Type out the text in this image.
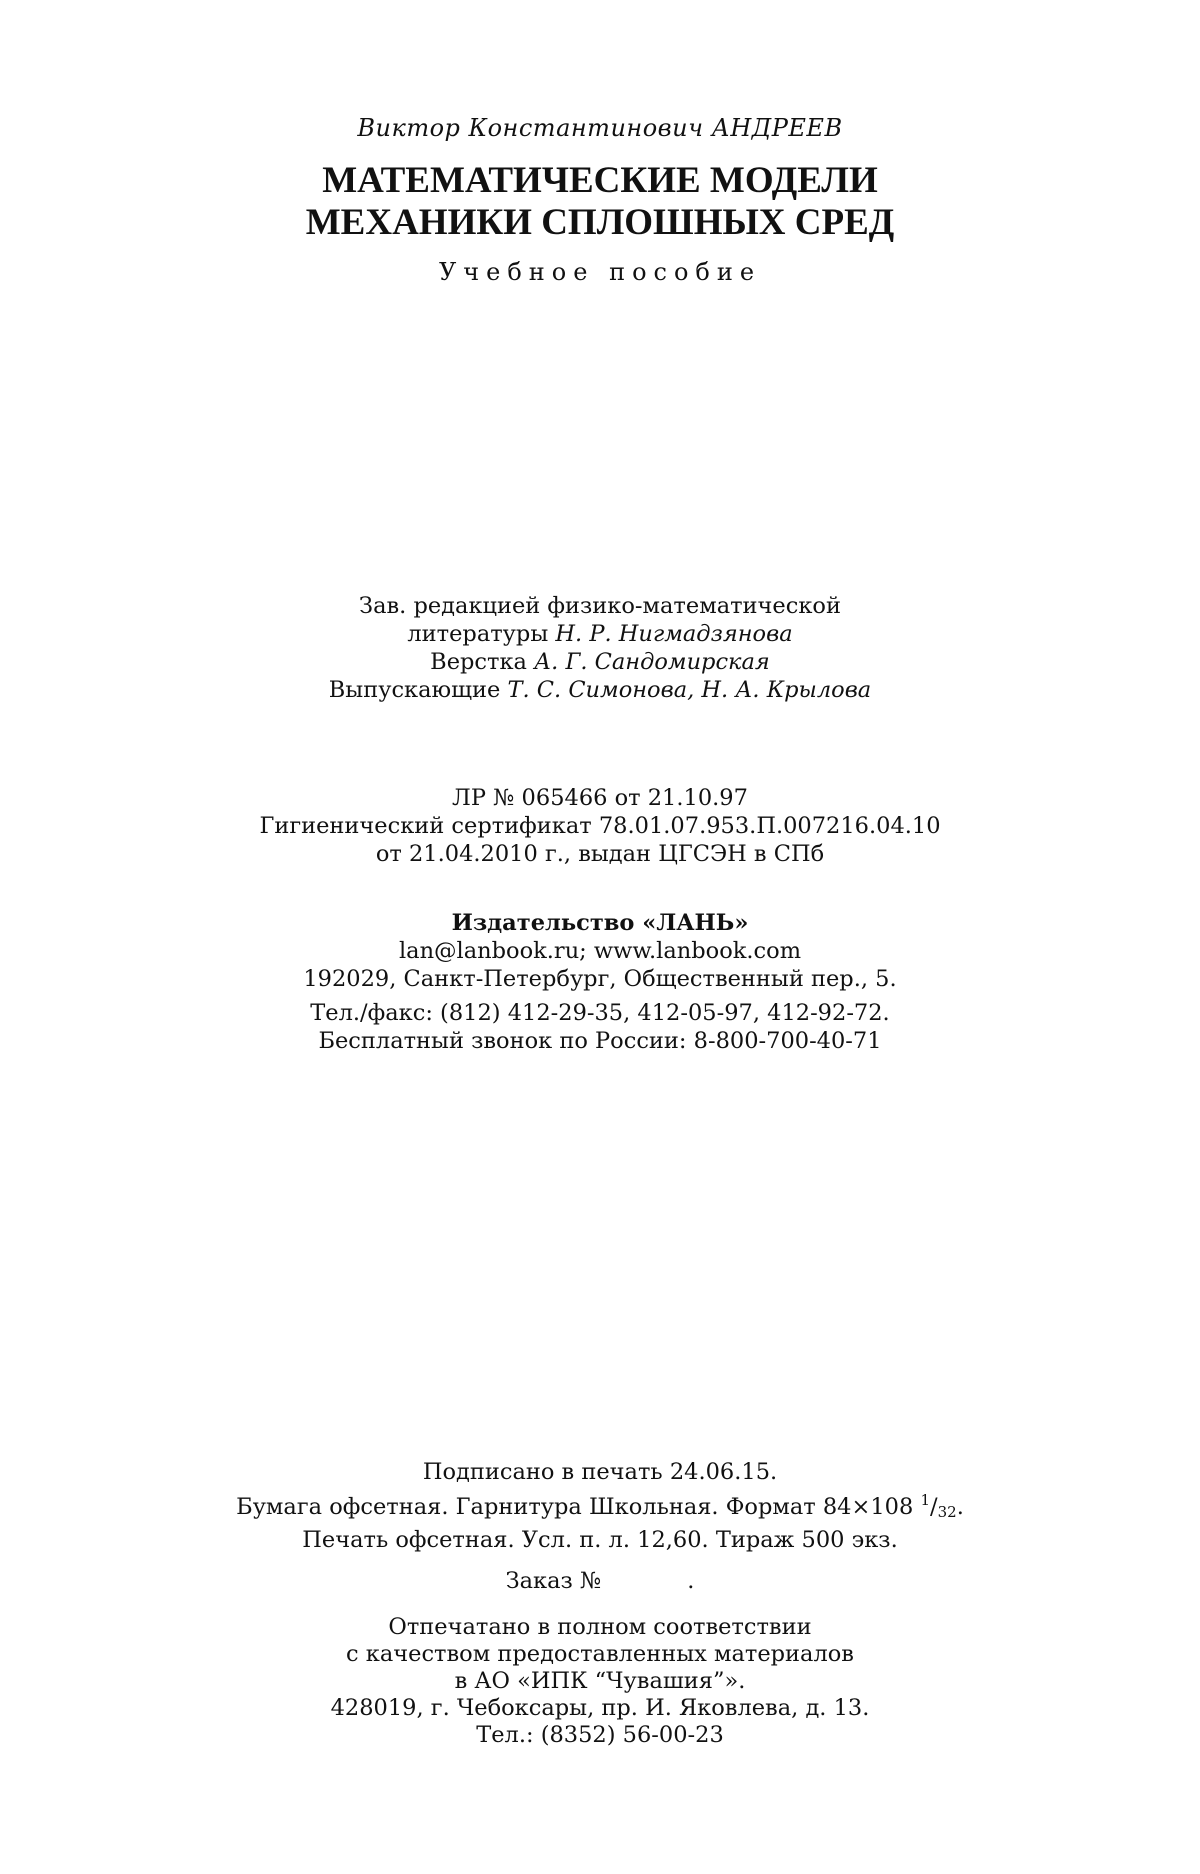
Виктор Константинович АНДРЕЕВ
МАТЕМАТИЧЕСКИЕ МОДЕЛИ
МЕХАНИКИ СПЛОШНЫХ СРЕД
Учебное пособие
Зав. редакцией физико-математической
литературы Н. Р. Нигмадзянова
Верстка А. Г. Сандомирская
Выпускающие Т. С. Симонова, Н. А. Крылова
ЛР № 065466 от 21.10.97
Гигиенический сертификат 78.01.07.953.П.007216.04.10
от 21.04.2010 г., выдан ЦГСЭН в СПб
Издательство «ЛАНЬ»
lan@lanbook.ru; www.lanbook.com
192029, Санкт-Петербург, Общественный пер., 5.
Тел./факс: (812) 412-29-35, 412-05-97, 412-92-72.
Бесплатный звонок по России: 8-800-700-40-71
Подписано в печать 24.06.15.
Бумага офсетная. Гарнитура Школьная. Формат 84×108 $^1/_{32}$.
Печать офсетная. Усл. п. л. 12,60. Тираж 500 экз.
Заказ №	.
Отпечатано в полном соответствии
с качеством предоставленных материалов
в АО «ИПК “Чувашия”».
428019, г. Чебоксары, пр. И. Яковлева, д. 13.
Тел.: (8352) 56-00-23
